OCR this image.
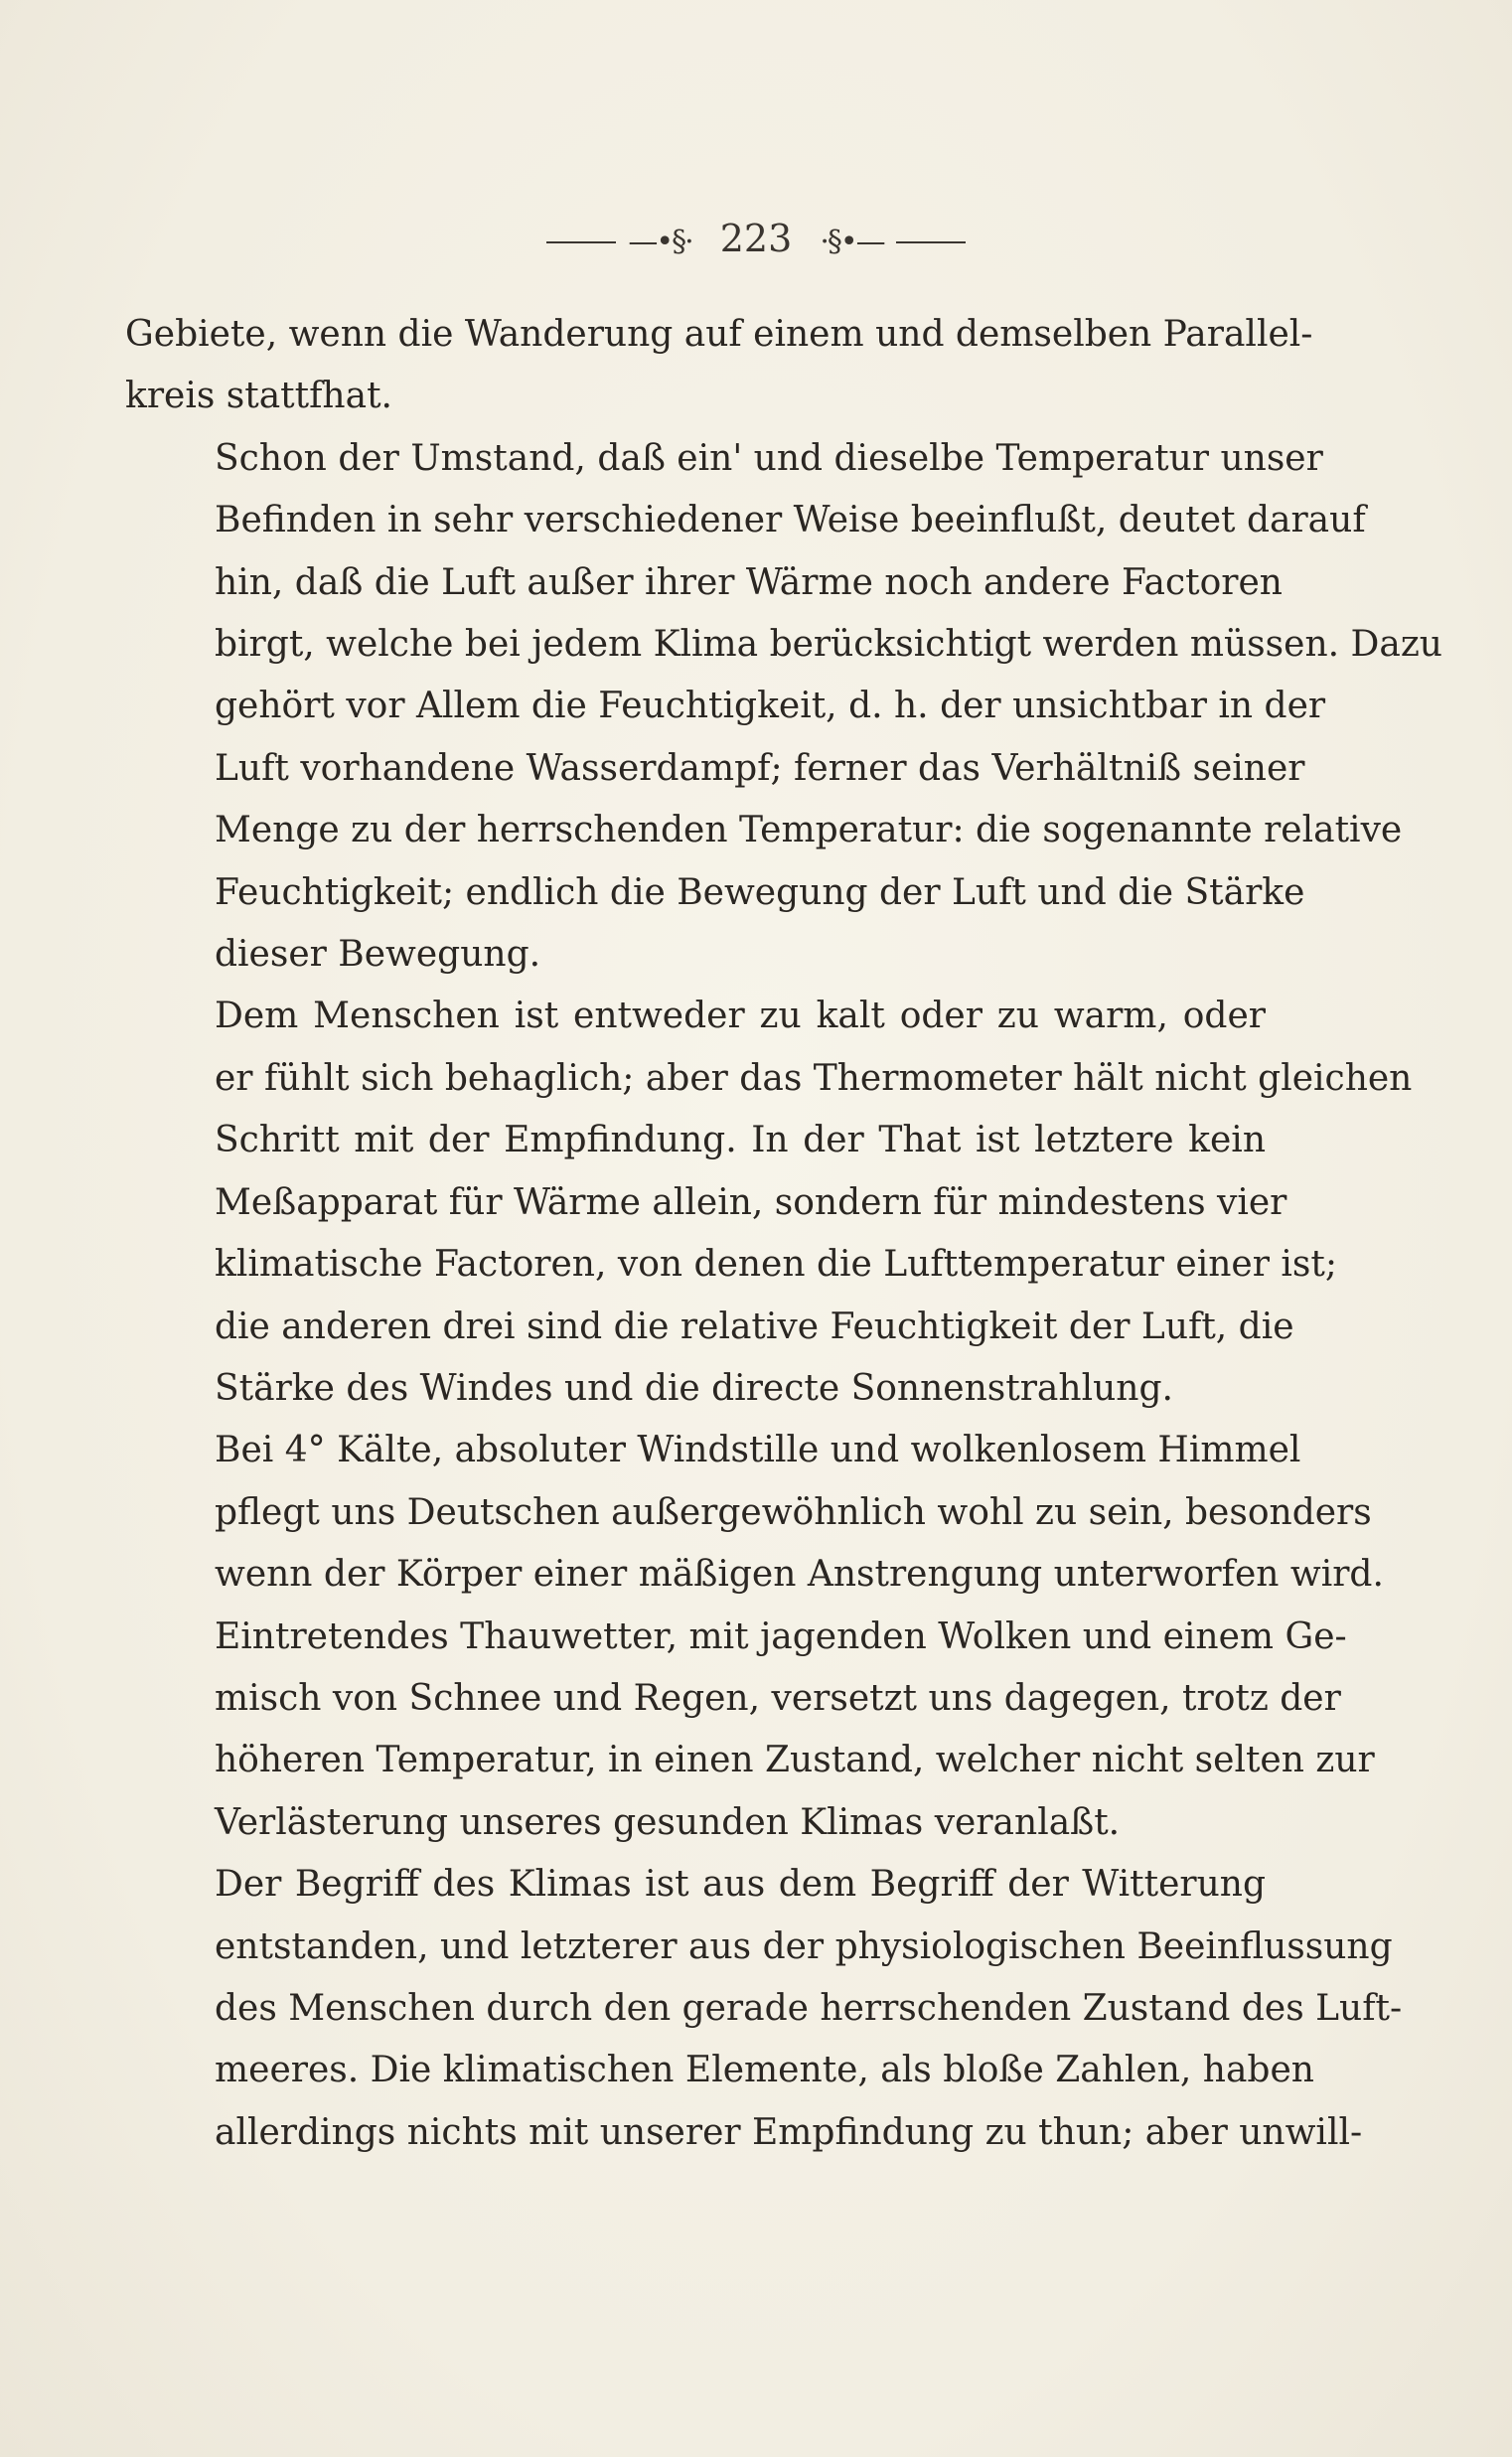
—•§· 223 ·§•—

Gebiete, wenn die Wanderung auf einem und demselben Parallel-
kreis stattfhat.

Schon der Umstand, daß ein' und dieselbe Temperatur unser
Befinden in sehr verschiedener Weise beeinflußt, deutet darauf
hin, daß die Luft außer ihrer Wärme noch andere Factoren
birgt, welche bei jedem Klima berücksichtigt werden müssen. Dazu
gehört vor Allem die Feuchtigkeit, d. h. der unsichtbar in der
Luft vorhandene Wasserdampf; ferner das Verhältniß seiner
Menge zu der herrschenden Temperatur: die sogenannte relative
Feuchtigkeit; endlich die Bewegung der Luft und die Stärke
dieser Bewegung.

Dem Menschen ist entweder zu kalt oder zu warm, oder
er fühlt sich behaglich; aber das Thermometer hält nicht gleichen
Schritt mit der Empfindung. In der That ist letztere kein
Meßapparat für Wärme allein, sondern für mindestens vier
klimatische Factoren, von denen die Lufttemperatur einer ist;
die anderen drei sind die relative Feuchtigkeit der Luft, die
Stärke des Windes und die directe Sonnenstrahlung.

Bei 4° Kälte, absoluter Windstille und wolkenlosem Himmel
pflegt uns Deutschen außergewöhnlich wohl zu sein, besonders
wenn der Körper einer mäßigen Anstrengung unterworfen wird.
Eintretendes Thauwetter, mit jagenden Wolken und einem Ge-
misch von Schnee und Regen, versetzt uns dagegen, trotz der
höheren Temperatur, in einen Zustand, welcher nicht selten zur
Verlästerung unseres gesunden Klimas veranlaßt.

Der Begriff des Klimas ist aus dem Begriff der Witterung
entstanden, und letzterer aus der physiologischen Beeinflussung
des Menschen durch den gerade herrschenden Zustand des Luft-
meeres. Die klimatischen Elemente, als bloße Zahlen, haben
allerdings nichts mit unserer Empfindung zu thun; aber unwill-
